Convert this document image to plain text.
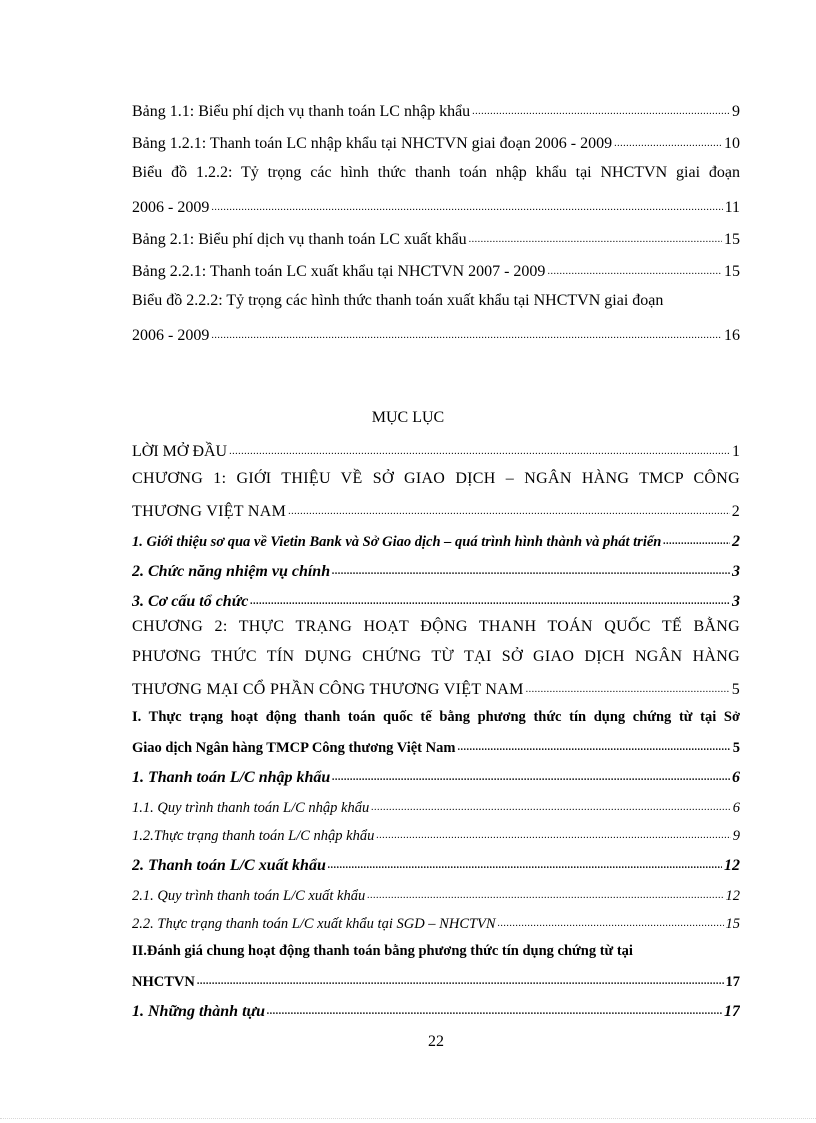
Bảng 1.1: Biểu phí dịch vụ thanh toán LC nhập khẩu .....	9
Bảng 1.2.1: Thanh toán LC nhập khẩu tại NHCTVN giai đoạn 2006 - 2009 .....	10
Biểu đồ 1.2.2: Tỷ trọng các hình thức thanh toán nhập khẩu tại NHCTVN giai đoạn
2006 - 2009 .....	11
Bảng 2.1: Biểu phí dịch vụ thanh toán LC xuất khẩu .....	15
Bảng 2.2.1: Thanh toán LC xuất khẩu tại NHCTVN 2007 - 2009 .....	15
Biểu đồ 2.2.2: Tỷ trọng các hình thức thanh toán xuất khẩu tại NHCTVN giai đoạn
2006 - 2009 .....	16
MỤC LỤC
LỜI MỞ ĐẦU .....	1
CHƯƠNG 1: GIỚI THIỆU VỀ SỞ GIAO DỊCH – NGÂN HÀNG TMCP CÔNG
THƯƠNG VIỆT NAM .....	2
1. Giới thiệu sơ qua về Vietin Bank và Sở Giao dịch – quá trình hình thành và phát triển .....	2
2. Chức năng nhiệm vụ chính .....	3
3. Cơ cấu tổ chức .....	3
CHƯƠNG 2: THỰC TRẠNG HOẠT ĐỘNG THANH TOÁN QUỐC TẾ BẰNG
PHƯƠNG THỨC TÍN DỤNG CHỨNG TỪ TẠI SỞ GIAO DỊCH NGÂN HÀNG
THƯƠNG MẠI CỔ PHẦN CÔNG THƯƠNG VIỆT NAM .....	5
I. Thực trạng hoạt động thanh toán quốc tế bằng phương thức tín dụng chứng từ tại Sở
Giao dịch Ngân hàng TMCP Công thương Việt Nam .....	5
1. Thanh toán L/C nhập khẩu .....	6
1.1. Quy trình thanh toán L/C nhập khẩu .....	6
1.2.Thực trạng thanh toán L/C nhập khẩu .....	9
2. Thanh toán L/C xuất khẩu .....	12
2.1. Quy trình thanh toán L/C xuất khẩu .....	12
2.2. Thực trạng thanh toán L/C xuất khẩu tại SGD – NHCTVN .....	15
II.Đánh giá chung hoạt động thanh toán bằng phương thức tín dụng chứng từ tại
NHCTVN .....	17
1. Những thành tựu .....	17
22
